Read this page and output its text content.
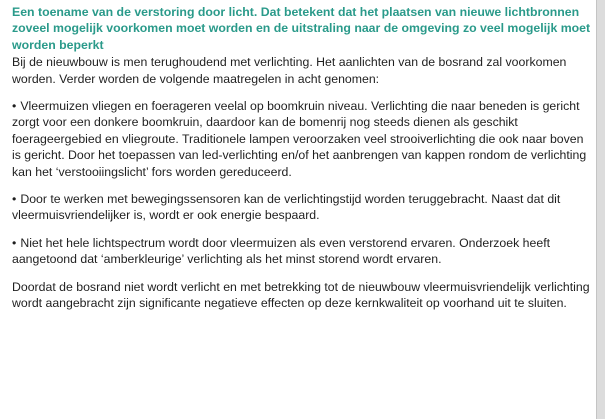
Een toename van de verstoring door licht. Dat betekent dat het plaatsen van nieuwe lichtbronnen zoveel mogelijk voorkomen moet worden en de uitstraling naar de omgeving zo veel mogelijk moet worden beperkt

Bij de nieuwbouw is men terughoudend met verlichting. Het aanlichten van de bosrand zal voorkomen worden. Verder worden de volgende maatregelen in acht genomen:

• Vleermuizen vliegen en foerageren veelal op boomkruin niveau. Verlichting die naar beneden is gericht zorgt voor een donkere boomkruin, daardoor kan de bomenrij nog steeds dienen als geschikt foerageergebied en vliegroute. Traditionele lampen veroorzaken veel strooiverlichting die ook naar boven is gericht. Door het toepassen van led-verlichting en/of het aanbrengen van kappen rondom de verlichting kan het ‘verstooiingslicht’ fors worden gereduceerd.

• Door te werken met bewegingssensoren kan de verlichtingstijd worden teruggebracht. Naast dat dit vleermuisvriendelijker is, wordt er ook energie bespaard.

• Niet het hele lichtspectrum wordt door vleermuizen als even verstorend ervaren. Onderzoek heeft aangetoond dat ‘amberkleurige’ verlichting als het minst storend wordt ervaren.

Doordat de bosrand niet wordt verlicht en met betrekking tot de nieuwbouw vleermuisvriendelijk verlichting wordt aangebracht zijn significante negatieve effecten op deze kernkwaliteit op voorhand uit te sluiten.
